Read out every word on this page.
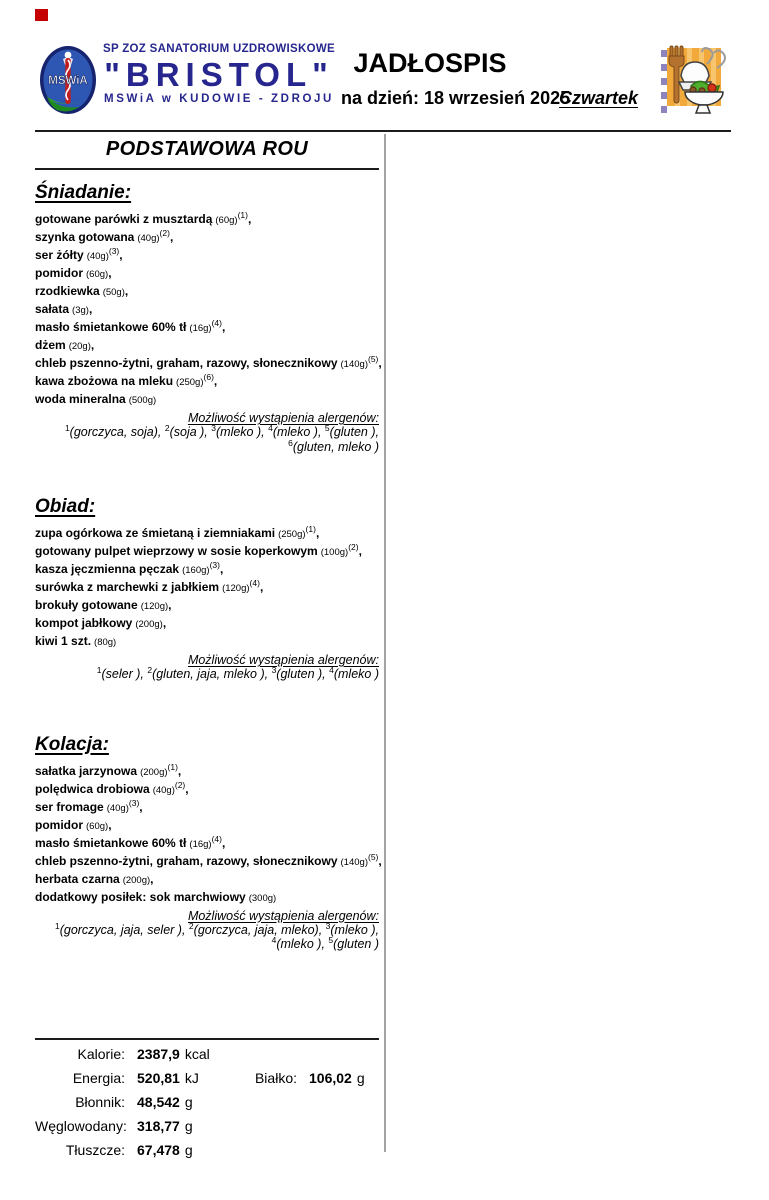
MSWiA
SP ZOZ SANATORIUM UZDROWISKOWE
"BRISTOL"
MSWiA w KUDOWIE - ZDROJU
JADŁOSPIS
na dzień: 18 wrzesień 2025
Czwartek
PODSTAWOWA ROU
Śniadanie:
gotowane parówki z musztardą $(60g)^{(1)}$,
szynka gotowana $(40g)^{(2)}$,
ser żółty $(40g)^{(3)}$,
pomidor (60g),
rzodkiewka (50g),
sałata (3g),
masło śmietankowe 60% tł $(16g)^{(4)}$,
dżem (20g),
chleb pszenno-żytni, graham, razowy, słonecznikowy $(140g)^{(5)}$,
kawa zbożowa na mleku $(250g)^{(6)}$,
woda mineralna (500g)
Możliwość wystąpienia alergenów:
$^1$(gorczyca, soja), $^2$(soja ), $^3$(mleko ), $^4$(mleko ), $^5$(gluten ), $^6$(gluten, mleko )
Obiad:
zupa ogórkowa ze śmietaną i ziemniakami $(250g)^{(1)}$,
gotowany pulpet wieprzowy w sosie koperkowym $(100g)^{(2)}$,
kasza jęczmienna pęczak $(160g)^{(3)}$,
surówka z marchewki z jabłkiem $(120g)^{(4)}$,
brokuły gotowane (120g),
kompot jabłkowy (200g),
kiwi 1 szt. (80g)
Możliwość wystąpienia alergenów:
$^1$(seler ), $^2$(gluten, jaja, mleko ), $^3$(gluten ), $^4$(mleko )
Kolacja:
sałatka jarzynowa $(200g)^{(1)}$,
polędwica drobiowa $(40g)^{(2)}$,
ser fromage $(40g)^{(3)}$,
pomidor (60g),
masło śmietankowe 60% tł $(16g)^{(4)}$,
chleb pszenno-żytni, graham, razowy, słonecznikowy $(140g)^{(5)}$,
herbata czarna (200g),
dodatkowy posiłek: sok marchwiowy (300g)
Możliwość wystąpienia alergenów:
$^1$(gorczyca, jaja, seler ), $^2$(gorczyca, jaja, mleko), $^3$(mleko ), $^4$(mleko ), $^5$(gluten )
Kalorie: 2387,9 kcal
Energia: 520,81 kJ	Białko: 106,02 g
Błonnik: 48,542 g
Węglowodany: 318,77 g
Tłuszcze: 67,478 g
